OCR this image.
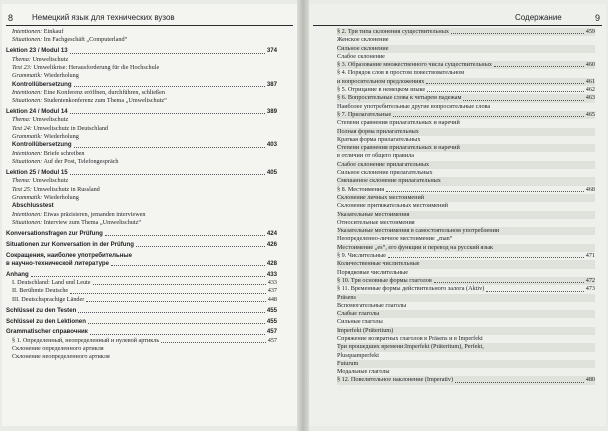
8 Немецкий язык для технических вузов
Intentionen: Einkauf
Situationen: Im Fachgeschäft „Computerland“
Lektion 23 / Modul 13	374
Thema: Umweltschutz
Text 23: Umweltkrise: Herausforderung für die Hochschule
Grammatik: Wiederholung
Kontrollübersetzung	387
Intentionen: Eine Konferenz eröffnen, durchführen, schließen
Situationen: Studentenkonferenz zum Thema „Umweltschutz“
Lektion 24 / Modul 14	389
Thema: Umweltschutz
Text 24: Umweltschutz in Deutschland
Grammatik: Wiederholung
Kontrollübersetzung	403
Intentionen: Briefe schreiben
Situationen: Auf der Post, Telefongespräch
Lektion 25 / Modul 15	405
Thema: Umweltschutz
Text 25: Umweltschutz in Russland
Grammatik: Wiederholung
Abschlusstest
Intentionen: Etwas präzisieren, jemanden interviewen
Situationen: Interview zum Thema „Umweltschutz“
Konversationsfragen zur Prüfung	424
Situationen zur Konversation in der Prüfung	426
Сокращения, наиболее употребительные
в научно-технической литературе	428
Anhang	433
I. Deutschland: Land und Leute	433
II. Berühmte Deutsche	437
III. Deutschsprachige Länder	448
Schlüssel zu den Testen	455
Schlüssel zu den Lektionen	455
Grammatischer справочник	457
§ 1. Определенный, неопределенный и нулевой артикль	457
Склонение определенного артикля
Склонение неопределенного артикля
Содержание	9
§ 2. Три типа склонения существительных	459
Женское склонение
Сильное склонение
Слабое склонение
§ 3. Образование множественного числа существительных	460
§ 4. Порядок слов в простом повествовательном
и вопросительном предложениях	461
§ 5. Отрицание в немецком языке	462
§ 6. Вопросительные слова к четырем падежам	463
Наиболее употребительные другие вопросительные слова
§ 7. Прилагательные	465
Степени сравнения прилагательных и наречий
Полная форма прилагательных
Краткая форма прилагательных
Степени сравнения прилагательных и наречий
в отличии от общего правила
Слабое склонение прилагательных
Сильное склонение прилагательных
Смешанное склонение прилагательных
§ 8. Местоимения	468
Склонение личных местоимений
Склонение притяжательных местоимений
Указательные местоимения
Относительные местоимения
Указательные местоимения в самостоятельном употреблении
Неопределенно-личное местоимение „man“
Местоимение „es“, его функции и перевод на русский язык
§ 9. Числительные	471
Количественные числительные
Порядковые числительные
§ 10. Три основные формы глаголов	472
§ 11. Временные формы действительного залога (Aktiv)	473
Präsens
Вспомогательные глаголы
Слабые глаголы
Сильные глаголы
Imperfekt (Präteritum)
Спряжение возвратных глаголов в Präsens и в Imperfekt
Три прошедших времени:Imperfekt (Präteritum), Perfekt,
Plusquamperfekt
Futurum
Модальные глаголы
§ 12. Повелительное наклонение (Imperativ)	480
